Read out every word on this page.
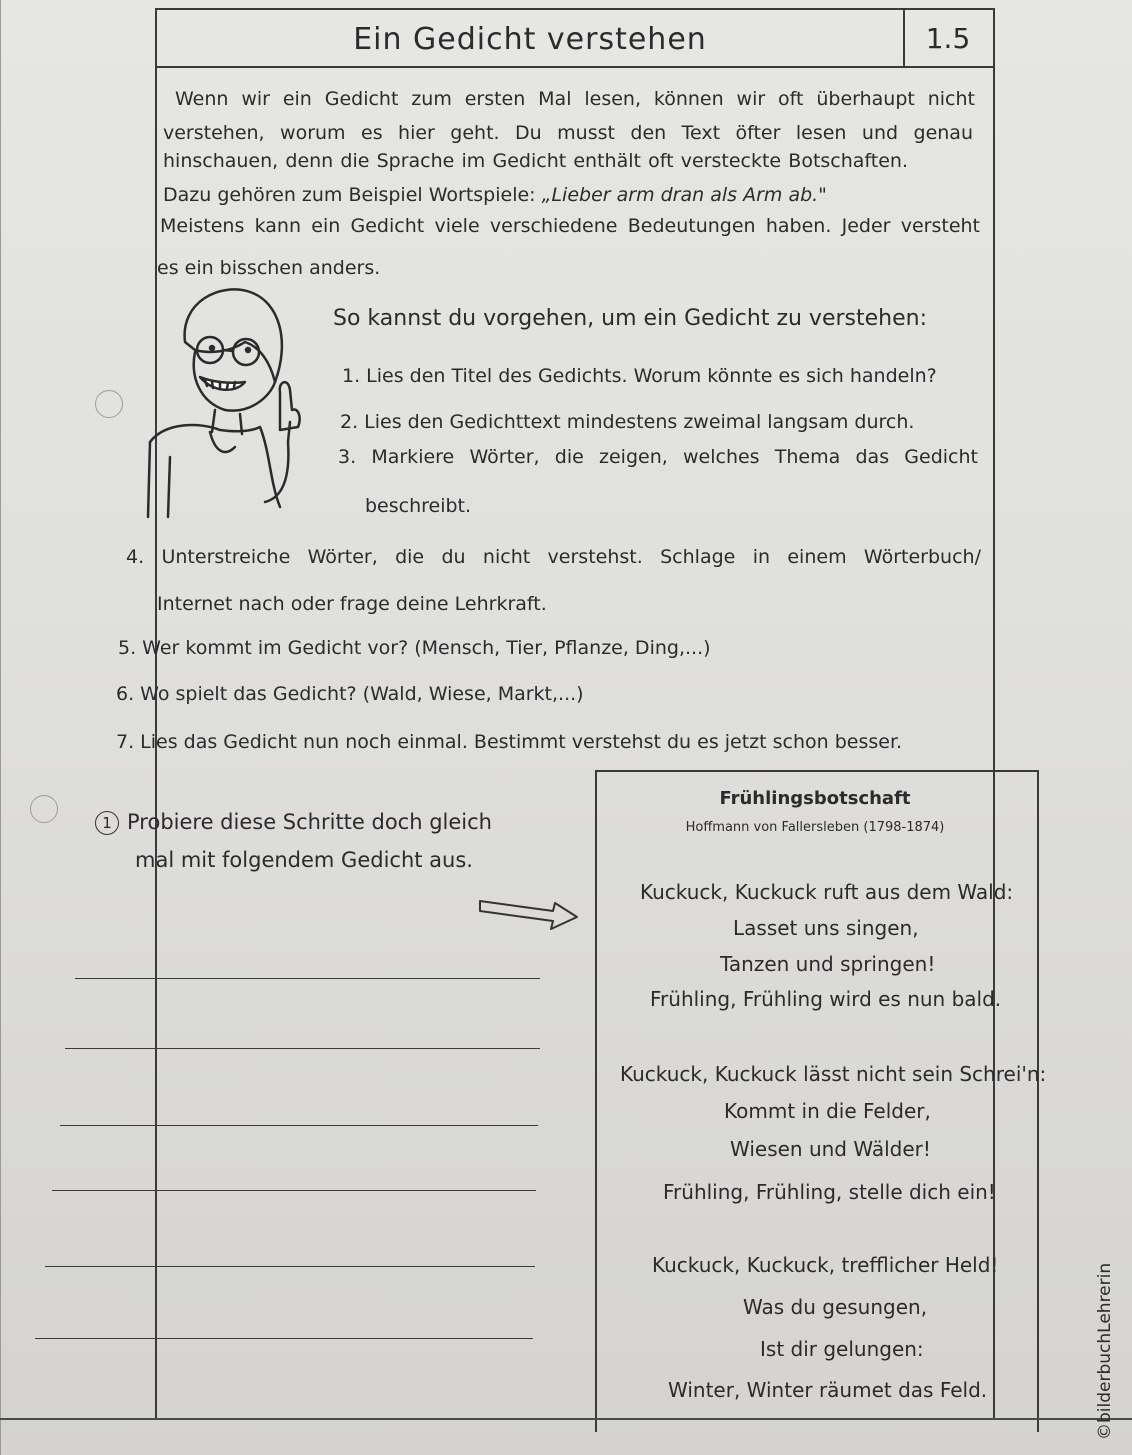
Ein Gedicht verstehen	1.5
Wenn wir ein Gedicht zum ersten Mal lesen, können wir oft überhaupt nicht
verstehen, worum es hier geht. Du musst den Text öfter lesen und genau
hinschauen, denn die Sprache im Gedicht enthält oft versteckte Botschaften.
Dazu gehören zum Beispiel Wortspiele: „Lieber arm dran als Arm ab."
Meistens kann ein Gedicht viele verschiedene Bedeutungen haben. Jeder versteht
es ein bisschen anders.
So kannst du vorgehen, um ein Gedicht zu verstehen:
1. Lies den Titel des Gedichts. Worum könnte es sich handeln?
2. Lies den Gedichttext mindestens zweimal langsam durch.
3. Markiere Wörter, die zeigen, welches Thema das Gedicht
beschreibt.
4. Unterstreiche Wörter, die du nicht verstehst. Schlage in einem Wörterbuch/
Internet nach oder frage deine Lehrkraft.
5. Wer kommt im Gedicht vor? (Mensch, Tier, Pflanze, Ding,...)
6. Wo spielt das Gedicht? (Wald, Wiese, Markt,...)
7. Lies das Gedicht nun noch einmal. Bestimmt verstehst du es jetzt schon besser.
1 Probiere diese Schritte doch gleich
mal mit folgendem Gedicht aus.
Frühlingsbotschaft
Hoffmann von Fallersleben (1798-1874)
Kuckuck, Kuckuck ruft aus dem Wald:
Lasset uns singen,
Tanzen und springen!
Frühling, Frühling wird es nun bald.
Kuckuck, Kuckuck lässt nicht sein Schrei'n:
Kommt in die Felder,
Wiesen und Wälder!
Frühling, Frühling, stelle dich ein!
Kuckuck, Kuckuck, trefflicher Held!
Was du gesungen,
Ist dir gelungen:
Winter, Winter räumet das Feld.	©bilderbuchLehrerin
